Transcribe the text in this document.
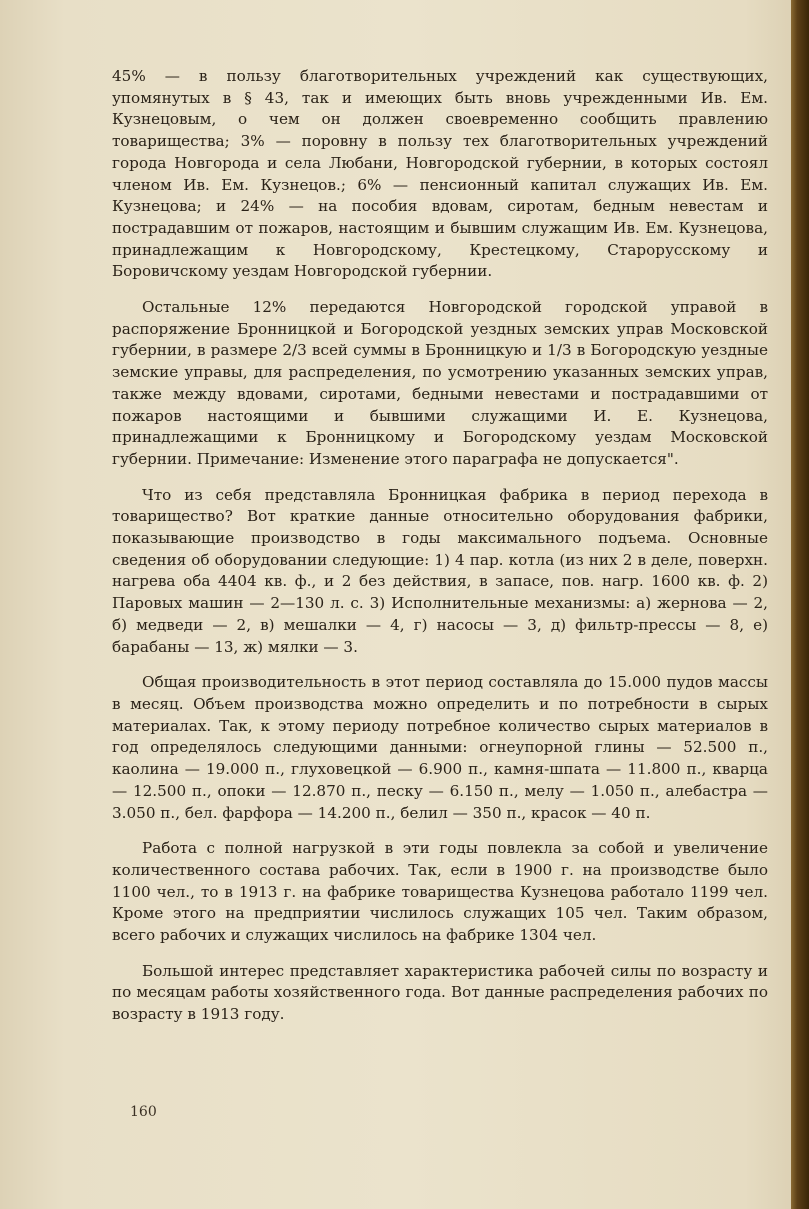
45% — в пользу благотворительных учреждений как существующих, упомянутых в § 43, так и имеющих быть вновь учрежденными Ив. Ем. Кузнецовым, о чем он должен своевременно сообщить правлению товарищества; 3% — поровну в пользу тех благотворительных учреждений города Новгорода и села Любани, Новгородской губернии, в которых состоял членом Ив. Ем. Кузнецов.; 6% — пенсионный капитал служащих Ив. Ем. Кузнецова; и 24% — на пособия вдовам, сиротам, бедным невестам и пострадавшим от пожаров, настоящим и бывшим служащим Ив. Ем. Кузнецова, принадлежащим к Новгородскому, Крестецкому, Старорусскому и Боровичскому уездам Новгородской губернии.

Остальные 12% передаются Новгородской городской управой в распоряжение Бронницкой и Богородской уездных земских управ Московской губернии, в размере 2/3 всей суммы в Бронницкую и 1/3 в Богородскую уездные земские управы, для распределения, по усмотрению указанных земских управ, также между вдовами, сиротами, бедными невестами и пострадавшими от пожаров настоящими и бывшими служащими И. Е. Кузнецова, принадлежащими к Бронницкому и Богородскому уездам Московской губернии. Примечание: Изменение этого параграфа не допускается".

Что из себя представляла Бронницкая фабрика в период перехода в товарищество? Вот краткие данные относительно оборудования фабрики, показывающие производство в годы максимального подъема. Основные сведения об оборудовании следующие: 1) 4 пар. котла (из них 2 в деле, поверхн. нагрева оба 4404 кв. ф., и 2 без действия, в запасе, пов. нагр. 1600 кв. ф. 2) Паровых машин — 2—130 л. с. 3) Исполнительные механизмы: а) жернова — 2, б) медведи — 2, в) мешалки — 4, г) насосы — 3, д) фильтр-прессы — 8, е) барабаны — 13, ж) мялки — 3.

Общая производительность в этот период составляла до 15.000 пудов массы в месяц. Объем производства можно определить и по потребности в сырых материалах. Так, к этому периоду потребное количество сырых материалов в год определялось следующими данными: огнеупорной глины — 52.500 п., каолина — 19.000 п., глуховецкой — 6.900 п., камня-шпата — 11.800 п., кварца — 12.500 п., опоки — 12.870 п., песку — 6.150 п., мелу — 1.050 п., алебастра — 3.050 п., бел. фарфора — 14.200 п., белил — 350 п., красок — 40 п.

Работа с полной нагрузкой в эти годы повлекла за собой и увеличение количественного состава рабочих. Так, если в 1900 г. на производстве было 1100 чел., то в 1913 г. на фабрике товарищества Кузнецова работало 1199 чел. Кроме этого на предприятии числилось служащих 105 чел. Таким образом, всего рабочих и служащих числилось на фабрике 1304 чел.

Большой интерес представляет характеристика рабочей силы по возрасту и по месяцам работы хозяйственного года. Вот данные распределения рабочих по возрасту в 1913 году.

160
